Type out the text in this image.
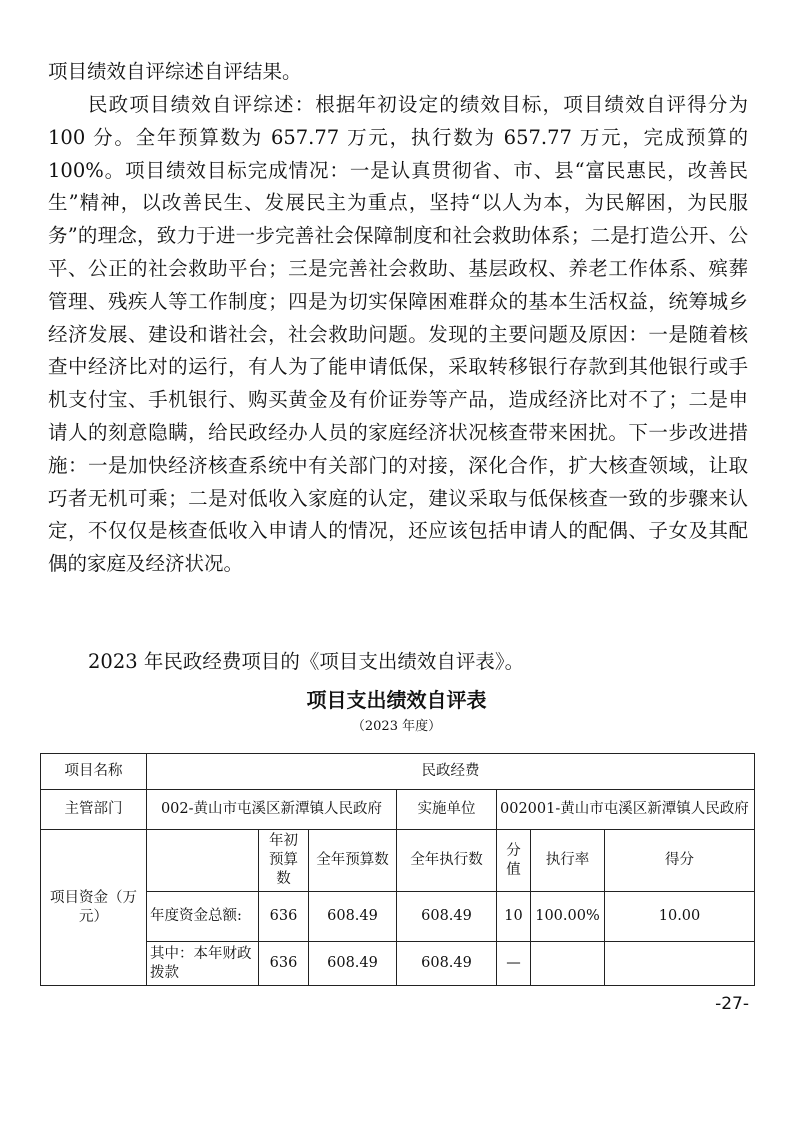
项目绩效自评综述自评结果。

民政项目绩效自评综述：根据年初设定的绩效目标，项目绩效自评得分为 100 分。全年预算数为 657.77 万元，执行数为 657.77 万元，完成预算的 100%。项目绩效目标完成情况：一是认真贯彻省、市、县“富民惠民，改善民生”精神，以改善民生、发展民主为重点，坚持“以人为本，为民解困，为民服务”的理念，致力于进一步完善社会保障制度和社会救助体系；二是打造公开、公平、公正的社会救助平台；三是完善社会救助、基层政权、养老工作体系、殡葬管理、残疾人等工作制度；四是为切实保障困难群众的基本生活权益，统筹城乡经济发展、建设和谐社会，社会救助问题。发现的主要问题及原因：一是随着核查中经济比对的运行，有人为了能申请低保，采取转移银行存款到其他银行或手机支付宝、手机银行、购买黄金及有价证券等产品，造成经济比对不了；二是申请人的刻意隐瞒，给民政经办人员的家庭经济状况核查带来困扰。下一步改进措施：一是加快经济核查系统中有关部门的对接，深化合作，扩大核查领域，让取巧者无机可乘；二是对低收入家庭的认定，建议采取与低保核查一致的步骤来认定，不仅仅是核查低收入申请人的情况，还应该包括申请人的配偶、子女及其配偶的家庭及经济状况。

2023 年民政经费项目的《项目支出绩效自评表》。

项目支出绩效自评表
（2023 年度）
项目名称	民政经费						
主管部门	002-黄山市屯溪区新潭镇人民政府			实施单位	002001-黄山市屯溪区新潭镇人民政府		
项目资金（万元）		年初预算数	全年预算数	全年执行数	分值	执行率	得分
	年度资金总额:	636	608.49	608.49	10	100.00%	10.00
	其中：本年财政拨款	636	608.49	608.49	—		
-27-
